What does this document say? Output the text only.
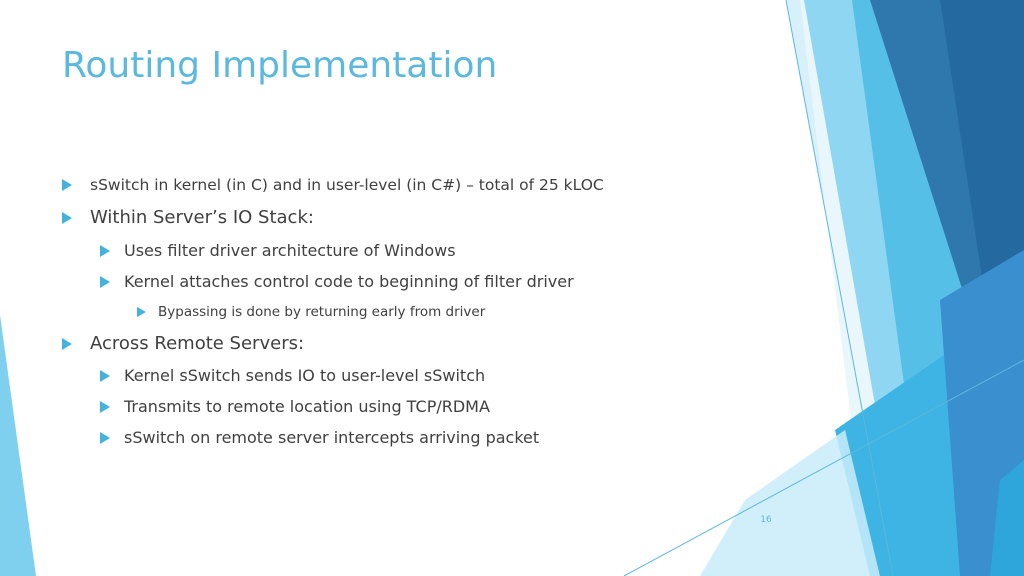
Routing Implementation
sSwitch in kernel (in C) and in user-level (in C#) – total of 25 kLOC
Within Server’s IO Stack:
Uses filter driver architecture of Windows
Kernel attaches control code to beginning of filter driver
Bypassing is done by returning early from driver
Across Remote Servers:
Kernel sSwitch sends IO to user-level sSwitch
Transmits to remote location using TCP/RDMA
sSwitch on remote server intercepts arriving packet
16
